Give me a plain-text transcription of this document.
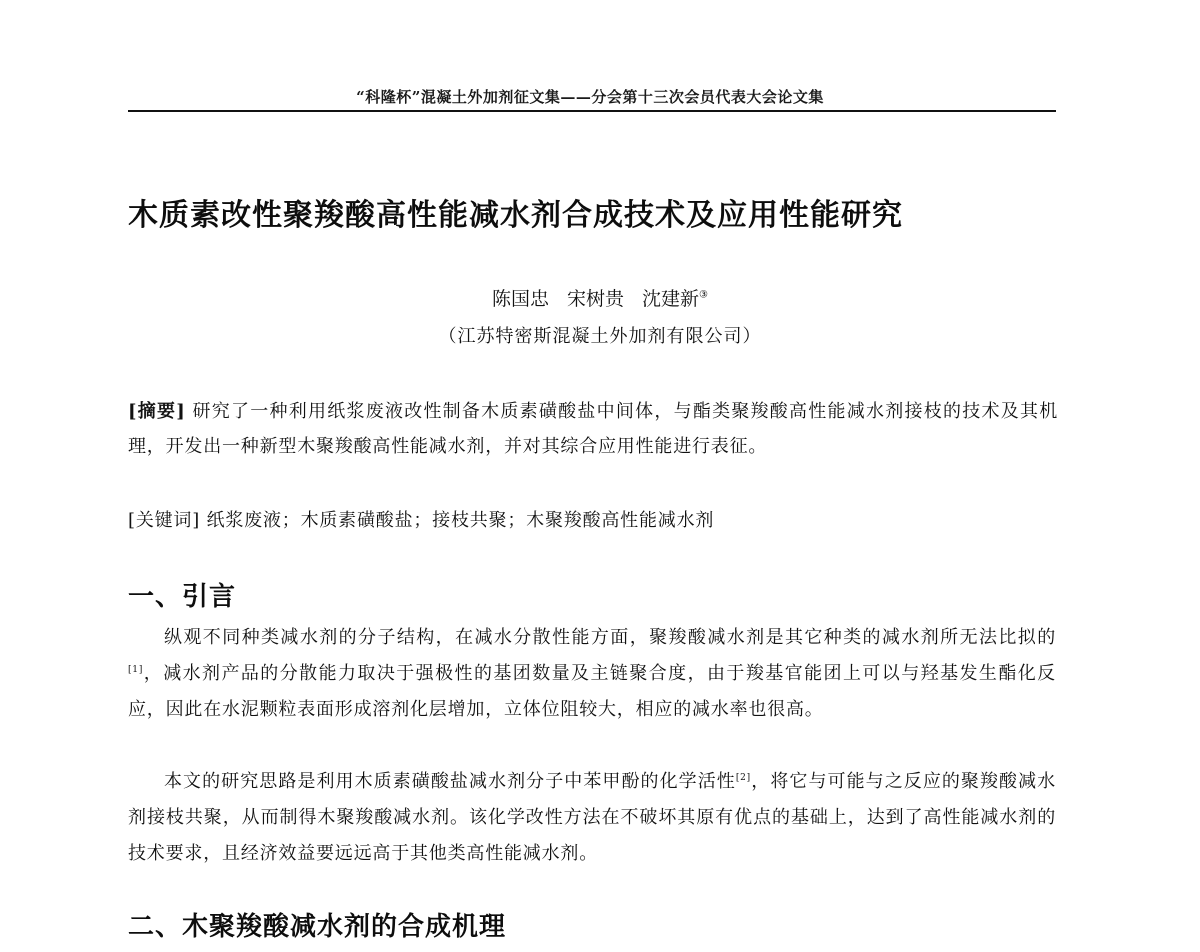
“科隆杯”混凝土外加剂征文集——分会第十三次会员代表大会论文集
木质素改性聚羧酸高性能减水剂合成技术及应用性能研究
陈国忠 宋树贵 沈建新③
（江苏特密斯混凝土外加剂有限公司）
[摘要] 研究了一种利用纸浆废液改性制备木质素磺酸盐中间体，与酯类聚羧酸高性能减水剂接枝的技术及其机理，开发出一种新型木聚羧酸高性能减水剂，并对其综合应用性能进行表征。
[关键词] 纸浆废液；木质素磺酸盐；接枝共聚；木聚羧酸高性能减水剂
一、引言
纵观不同种类减水剂的分子结构，在减水分散性能方面，聚羧酸减水剂是其它种类的减水剂所无法比拟的[1]，减水剂产品的分散能力取决于强极性的基团数量及主链聚合度，由于羧基官能团上可以与羟基发生酯化反应，因此在水泥颗粒表面形成溶剂化层增加，立体位阻较大，相应的减水率也很高。
本文的研究思路是利用木质素磺酸盐减水剂分子中苯甲酚的化学活性[2]，将它与可能与之反应的聚羧酸减水剂接枝共聚，从而制得木聚羧酸减水剂。该化学改性方法在不破坏其原有优点的基础上，达到了高性能减水剂的技术要求，且经济效益要远远高于其他类高性能减水剂。
二、木聚羧酸减水剂的合成机理
